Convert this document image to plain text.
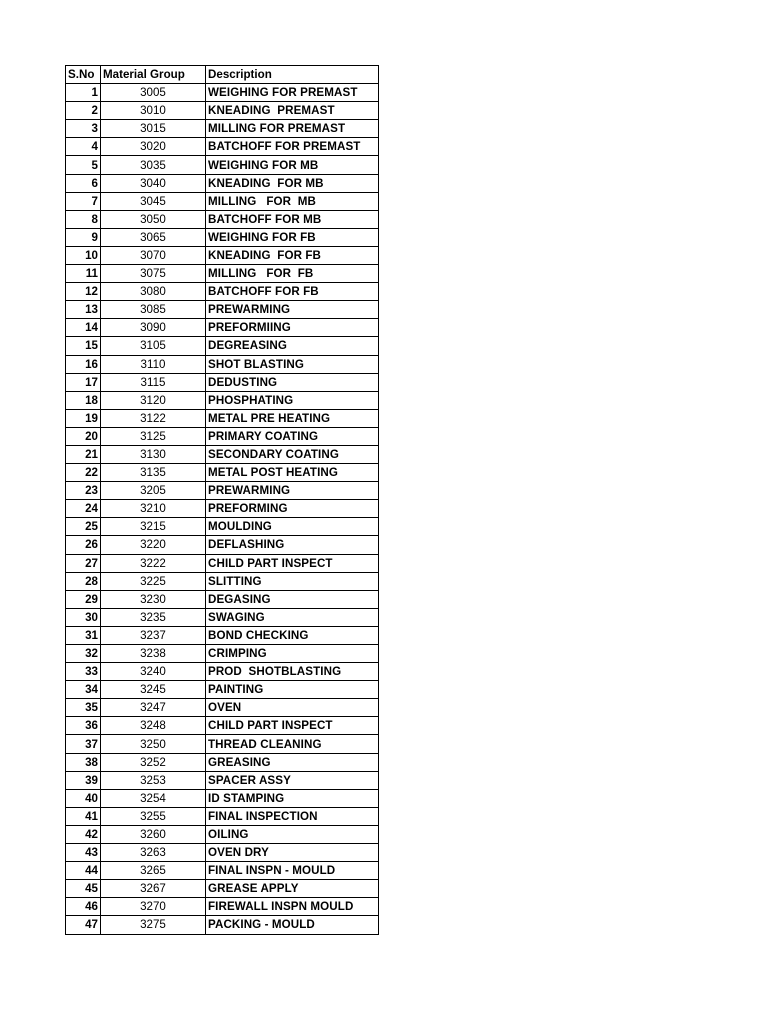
S.No	Material Group	Description
1	3005	WEIGHING FOR PREMAST
2	3010	KNEADING  PREMAST
3	3015	MILLING FOR PREMAST
4	3020	BATCHOFF FOR PREMAST
5	3035	WEIGHING FOR MB
6	3040	KNEADING  FOR MB
7	3045	MILLING   FOR  MB
8	3050	BATCHOFF FOR MB
9	3065	WEIGHING FOR FB
10	3070	KNEADING  FOR FB
11	3075	MILLING   FOR  FB
12	3080	BATCHOFF FOR FB
13	3085	PREWARMING
14	3090	PREFORMIING
15	3105	DEGREASING
16	3110	SHOT BLASTING
17	3115	DEDUSTING
18	3120	PHOSPHATING
19	3122	METAL PRE HEATING
20	3125	PRIMARY COATING
21	3130	SECONDARY COATING
22	3135	METAL POST HEATING
23	3205	PREWARMING
24	3210	PREFORMING
25	3215	MOULDING
26	3220	DEFLASHING
27	3222	CHILD PART INSPECT
28	3225	SLITTING
29	3230	DEGASING
30	3235	SWAGING
31	3237	BOND CHECKING
32	3238	CRIMPING
33	3240	PROD  SHOTBLASTING
34	3245	PAINTING
35	3247	OVEN
36	3248	CHILD PART INSPECT
37	3250	THREAD CLEANING
38	3252	GREASING
39	3253	SPACER ASSY
40	3254	ID STAMPING
41	3255	FINAL INSPECTION
42	3260	OILING
43	3263	OVEN DRY
44	3265	FINAL INSPN - MOULD
45	3267	GREASE APPLY
46	3270	FIREWALL INSPN MOULD
47	3275	PACKING - MOULD
